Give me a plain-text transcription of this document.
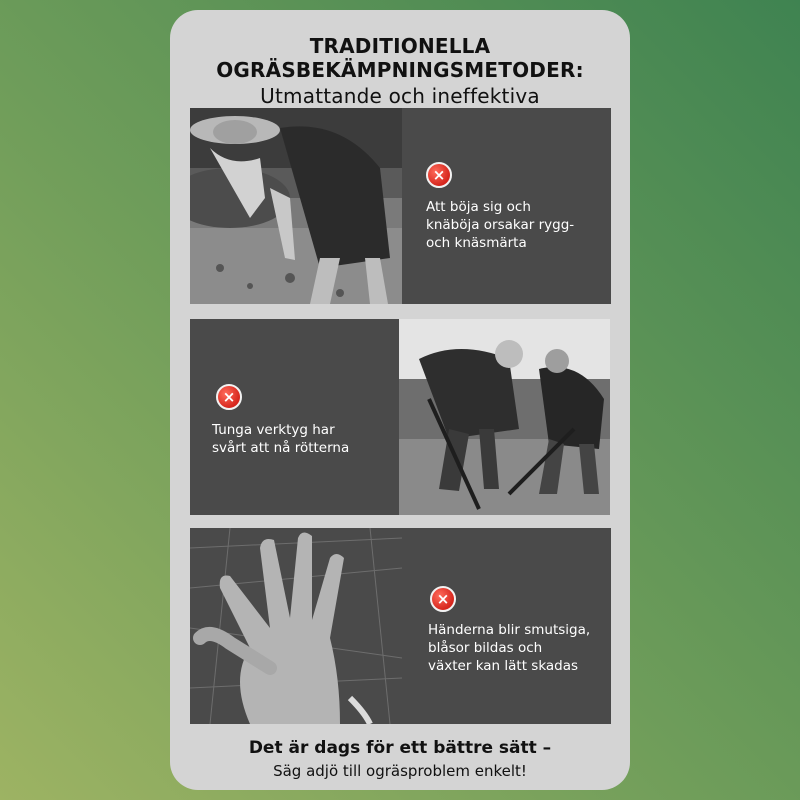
TRADITIONELLA
OGRÄSBEKÄMPNINGSMETODER:
Utmattande och ineffektiva
×
Att böja sig och
knäböja orsakar rygg-
och knäsmärta
×
Tunga verktyg har
svårt att nå rötterna
×
Händerna blir smutsiga,
blåsor bildas och
växter kan lätt skadas
Det är dags för ett bättre sätt –
Säg adjö till ogräsproblem enkelt!
